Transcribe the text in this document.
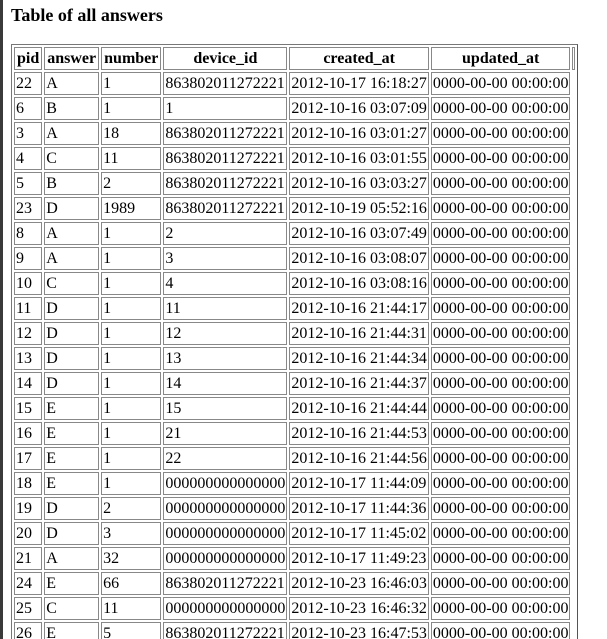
Table of all answers
pid	answer	number	device_id	created_at	updated_at	
22	A	1	863802011272221	2012-10-17 16:18:27	0000-00-00 00:00:00	
6	B	1	1	2012-10-16 03:07:09	0000-00-00 00:00:00	
3	A	18	863802011272221	2012-10-16 03:01:27	0000-00-00 00:00:00	
4	C	11	863802011272221	2012-10-16 03:01:55	0000-00-00 00:00:00	
5	B	2	863802011272221	2012-10-16 03:03:27	0000-00-00 00:00:00	
23	D	1989	863802011272221	2012-10-19 05:52:16	0000-00-00 00:00:00	
8	A	1	2	2012-10-16 03:07:49	0000-00-00 00:00:00	
9	A	1	3	2012-10-16 03:08:07	0000-00-00 00:00:00	
10	C	1	4	2012-10-16 03:08:16	0000-00-00 00:00:00	
11	D	1	11	2012-10-16 21:44:17	0000-00-00 00:00:00	
12	D	1	12	2012-10-16 21:44:31	0000-00-00 00:00:00	
13	D	1	13	2012-10-16 21:44:34	0000-00-00 00:00:00	
14	D	1	14	2012-10-16 21:44:37	0000-00-00 00:00:00	
15	E	1	15	2012-10-16 21:44:44	0000-00-00 00:00:00	
16	E	1	21	2012-10-16 21:44:53	0000-00-00 00:00:00	
17	E	1	22	2012-10-16 21:44:56	0000-00-00 00:00:00	
18	E	1	000000000000000	2012-10-17 11:44:09	0000-00-00 00:00:00	
19	D	2	000000000000000	2012-10-17 11:44:36	0000-00-00 00:00:00	
20	D	3	000000000000000	2012-10-17 11:45:02	0000-00-00 00:00:00	
21	A	32	000000000000000	2012-10-17 11:49:23	0000-00-00 00:00:00	
24	E	66	863802011272221	2012-10-23 16:46:03	0000-00-00 00:00:00	
25	C	11	000000000000000	2012-10-23 16:46:32	0000-00-00 00:00:00	
26	E	5	863802011272221	2012-10-23 16:47:53	0000-00-00 00:00:00	
